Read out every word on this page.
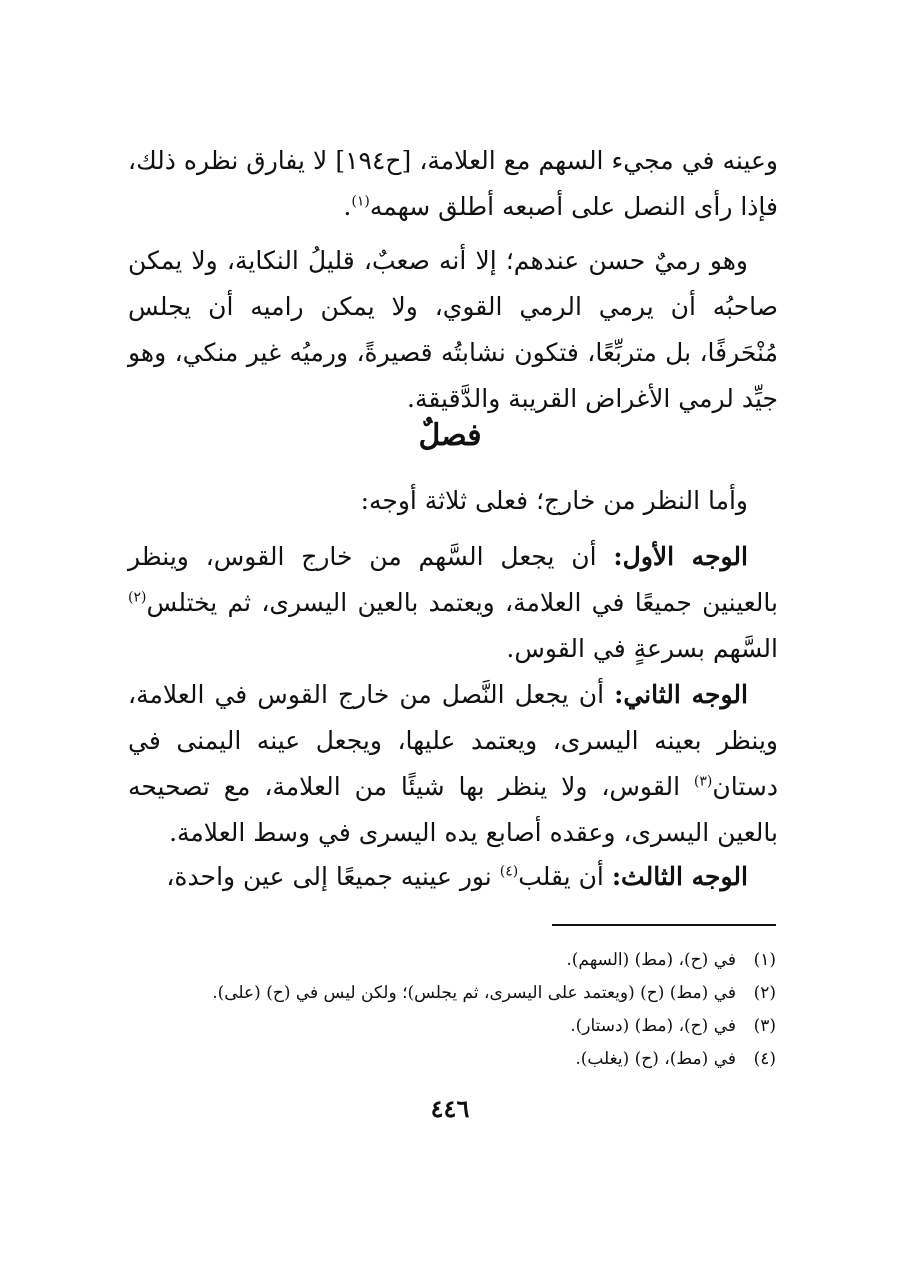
وعينه في مجيء السهم مع العلامة، [ح١٩٤] لا يفارق نظره ذلك، فإذا رأى النصل على أصبعه أطلق سهمه$^{(١)}$.

وهو رميٌ حسن عندهم؛ إلا أنه صعبٌ، قليلُ النكاية، ولا يمكن صاحبُه أن يرمي الرمي القوي، ولا يمكن راميه أن يجلس مُنْحَرفًا، بل متربِّعًا، فتكون نشابتُه قصيرةً، ورميُه غير منكي، وهو جيِّد لرمي الأغراض القريبة والدَّقيقة.

فصلٌ

وأما النظر من خارج؛ فعلى ثلاثة أوجه:

الوجه الأول: أن يجعل السَّهم من خارج القوس، وينظر بالعينين جميعًا في العلامة، ويعتمد بالعين اليسرى، ثم يختلس$^{(٢)}$ السَّهم بسرعةٍ في القوس.

الوجه الثاني: أن يجعل النَّصل من خارج القوس في العلامة، وينظر بعينه اليسرى، ويعتمد عليها، ويجعل عينه اليمنى في دستان$^{(٣)}$ القوس، ولا ينظر بها شيئًا من العلامة، مع تصحيحه بالعين اليسرى، وعقده أصابع يده اليسرى في وسط العلامة.

الوجه الثالث: أن يقلب$^{(٤)}$ نور عينيه جميعًا إلى عين واحدة،

(١)في (ح)، (مط) (السهم).
(٢)في (مط) (ح) (ويعتمد على اليسرى، ثم يجلس)؛ ولكن ليس في (ح) (على).
(٣)في (ح)، (مط) (دستار).
(٤)في (مط)، (ح) (يغلب).
٤٤٦
